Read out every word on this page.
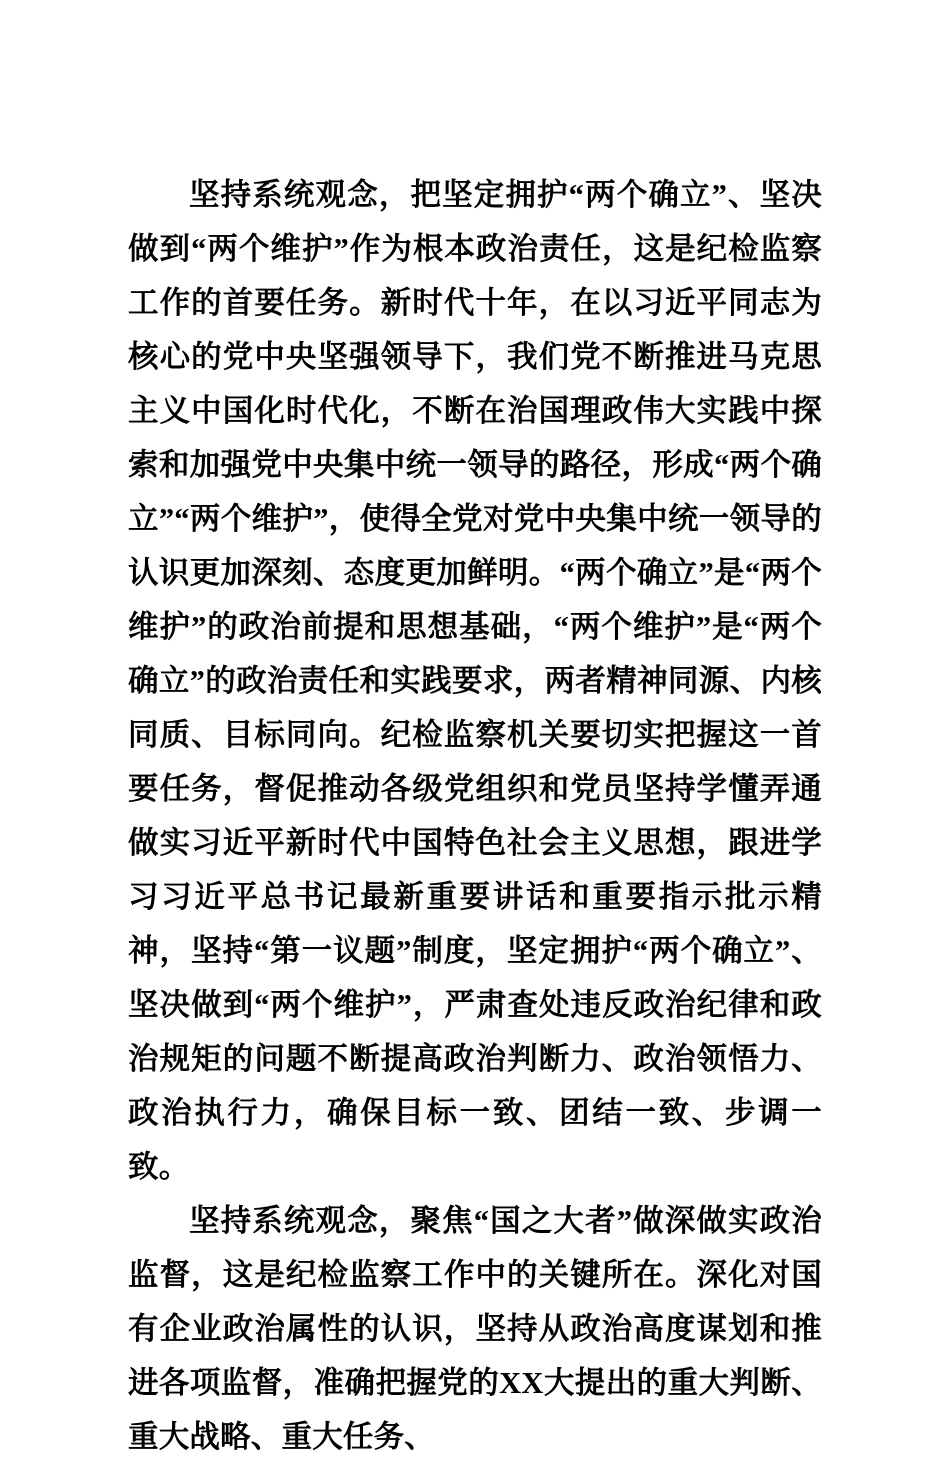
坚持系统观念，把坚定拥护“两个确立”、坚决做到“两个维护”作为根本政治责任，这是纪检监察工作的首要任务。新时代十年，在以习近平同志为核心的党中央坚强领导下，我们党不断推进马克思主义中国化时代化，不断在治国理政伟大实践中探索和加强党中央集中统一领导的路径，形成“两个确立”“两个维护”，使得全党对党中央集中统一领导的认识更加深刻、态度更加鲜明。“两个确立”是“两个维护”的政治前提和思想基础，“两个维护”是“两个确立”的政治责任和实践要求，两者精神同源、内核同质、目标同向。纪检监察机关要切实把握这一首要任务，督促推动各级党组织和党员坚持学懂弄通做实习近平新时代中国特色社会主义思想，跟进学习习近平总书记最新重要讲话和重要指示批示精神，坚持“第一议题”制度，坚定拥护“两个确立”、坚决做到“两个维护”，严肃查处违反政治纪律和政治规矩的问题不断提高政治判断力、政治领悟力、政治执行力，确保目标一致、团结一致、步调一致。

坚持系统观念，聚焦“国之大者”做深做实政治监督，这是纪检监察工作中的关键所在。深化对国有企业政治属性的认识，坚持从政治高度谋划和推进各项监督，准确把握党的XX大提出的重大判断、重大战略、重大任务、
